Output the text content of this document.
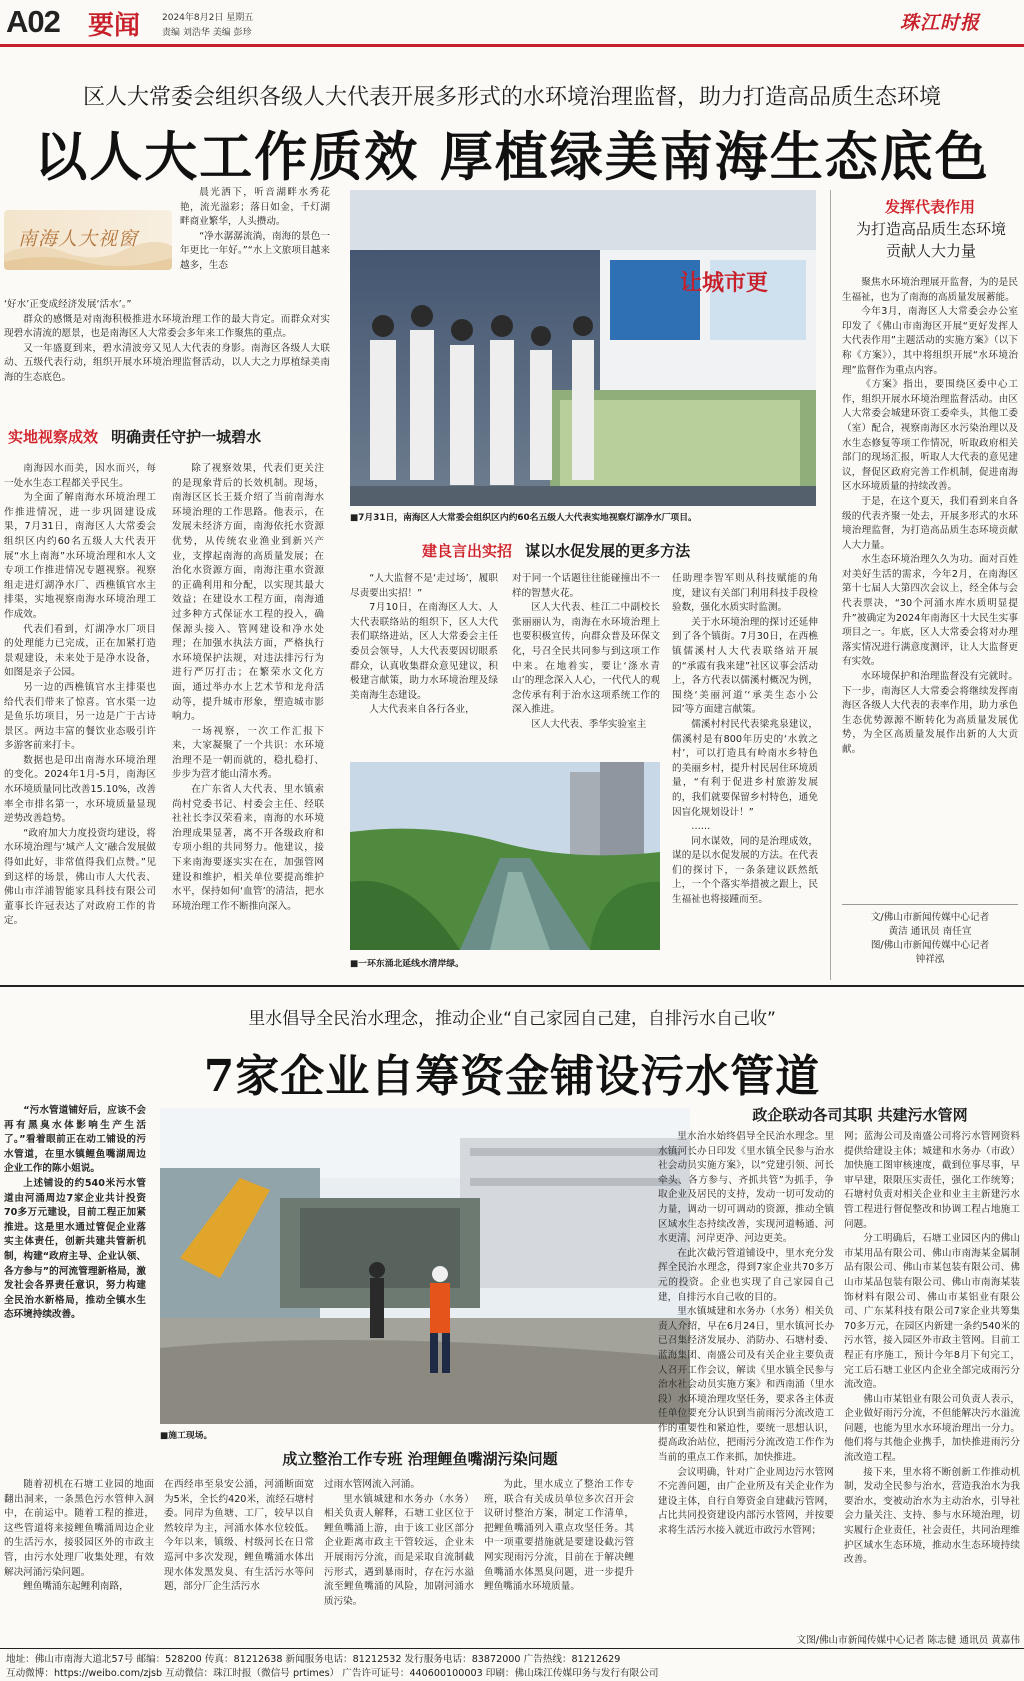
A02 要闻 2024年8月2日 星期五
责编 刘浩华 美编 彭珍	珠江时报
区人大常委会组织各级人大代表开展多形式的水环境治理监督，助力打造高品质生态环境
以人大工作质效 厚植绿美南海生态底色
南海人大视窗

晨光洒下，听音湖畔水秀花艳，流光溢彩；落日如金，千灯湖畔商业繁华，人头攒动。

“净水潺潺流淌，南海的景色一年更比一年好。”“水上文旅项目越来越多，生态

‘好水’正变成经济发展‘活水’。”

群众的感慨是对南海积极推进水环境治理工作的最大肯定。而群众对实现碧水清流的愿景，也是南海区人大常委会多年来工作聚焦的重点。

又一年盛夏到来，碧水清波旁又见人大代表的身影。南海区各级人大联动、五级代表行动，组织开展水环境治理监督活动，以人大之力厚植绿美南海的生态底色。

实地视察成效 明确责任守护一城碧水

南海因水而美，因水而兴，每一处水生态工程都关乎民生。

为全面了解南海水环境治理工作推进情况，进一步巩固建设成果，7月31日，南海区人大常委会组织区内约60名五级人大代表开展“水上南海”水环境治理和水人文专项工作推进情况专题视察。视察组走进灯湖净水厂、西樵镇官水主排渠，实地视察南海水环境治理工作成效。

代表们看到，灯湖净水厂项目的处理能力已完成，正在加紧打造景观建设，未来处于是净水设备，如图是亲子公园。

另一边的西樵镇官水主排渠也给代表们带来了惊喜。官水渠一边是鱼乐坊项目，另一边是广于古诗景区。两边丰富的餐饮业态吸引许多游客前来打卡。

数据也是印出南海水环境治理的变化。2024年1月-5月，南海区水环境质量同比改善15.10%，改善率全市排名第一，水环境质量显现逆势改善趋势。

“政府加大力度投资均建设，将水环境治理与‘城产人文’融合发展做得如此好，非常值得我们点赞。”见到这样的场景，佛山市人大代表、佛山市洋浦智能家具科技有限公司董事长许冠表达了对政府工作的肯定。

除了视察效果，代表们更关注的是现象背后的长效机制。现场，南海区区长王聂介绍了当前南海水环境治理的工作思路。他表示，在发展未经济方面，南海依托水资源优势，从传统农业渔业到新兴产业，支撑起南海的高质量发展；在治化水资源方面，南海注重水资源的正确利用和分配，以实现其最大效益；在建设水工程方面，南海通过多种方式保证水工程的投入，确保源头接入、管网建设和净水处理；在加强水执法方面，严格执行水环境保护法规，对违法排污行为进行严厉打击；在繁荣水文化方面，通过举办水上艺术节和龙舟活动等，提升城市形象，塑造城市影响力。

一场视察，一次工作汇报下来，大家凝聚了一个共识：水环境治理不是一朝而就的，稳扎稳打、步步为营才能山清水秀。

在广东省人大代表、里水镇索尚村党委书记、村委会主任、经联社社长李汉荣看来，南海的水环境治理成果显著，离不开各级政府和专项小组的共同努力。他建议，接下来南海要逐实实在在，加强管网建设和维护，相关单位要提高维护水平，保持如何‘血管’的清洁，把水环境治理工作不断推向深入。

让城市更
■7月31日，南海区人大常委会组织区内约60名五级人大代表实地视察灯湖净水厂项目。
建良言出实招 谋以水促发展的更多方法

“人大监督不是‘走过场’，履职尽责要出实招！”

7月10日，在南海区人大、人大代表联络站的组织下，区人大代表们联络进站，区人大常委会主任委员会领导，人大代表要因切眼系群众，认真收集群众意见建议，积极建言献策，助力水环境治理及绿美南海生态建设。

人大代表来自各行各业，

对于同一个话题往往能碰撞出不一样的智慧火花。

区人大代表、桂江二中副校长张丽丽认为，南海在水环境治理上也要积极宣传，向群众普及环保文化，号召全民共同参与到这项工作中来。在地着实，要让‘涤水青山’的理念深入人心，一代代人的观念传承有利于治水这项系统工作的深入推进。

区人大代表、季华实验室主

任助理李智军则从科技赋能的角度，建议有关部门利用科技手段检验数，强化水质实时监测。

关于水环境治理的探讨还延伸到了各个镇街。7月30日，在西樵镇儒溪村人大代表联络站开展的“承霞有我来建”社区议事会活动上，各方代表以儒溪村概况为例，围绕‘美丽河道’‘承美生态小公园’等方面建言献策。

儒溪村村民代表梁兆泉建议，儒溪村是有800年历史的‘水敦之村’，可以打造具有岭南水乡特色的美丽乡村，提升村民居住环境质量，“有利于促进乡村旅游发展的，我们就要保留乡村特色，通免因盲化规划设计！”

……

同水谋效，同的是治理成效，谋的是以水促发展的方法。在代表们的探讨下，一条条建议跃然纸上，一个个落实举措被之跟上，民生福祉也将接踵而至。

■一环东涌北延线水清岸绿。
发挥代表作用
为打造高品质生态环境贡献人大力量

聚焦水环境治理展开监督，为的是民生福祉，也为了南海的高质量发展蓄能。

今年3月，南海区人大常委会办公室印发了《佛山市南海区开展“更好发挥人大代表作用”主题活动的实施方案》（以下称《方案》），其中将组织开展“水环境治理”监督作为重点内容。

《方案》指出，要围绕区委中心工作，组织开展水环境治理监督活动。由区人大常委会城建环资工委牵头，其他工委（室）配合，视察南海区水污染治理以及水生态修复等项工作情况，听取政府相关部门的现场汇报，听取人大代表的意见建议，督促区政府完善工作机制，促进南海区水环境质量的持续改善。

于是，在这个夏天，我们看到来自各级的代表齐聚一处去，开展多形式的水环境治理监督，为打造高品质生态环境贡献人大力量。

水生态环境治理久久为功。面对百姓对美好生活的需求，今年2月，在南海区第十七届人大第四次会议上，经全体与会代表票决，“30个河涌水库水质明显提升”被确定为2024年南海区十大民生实事项目之一。年底，区人大常委会将对办理落实情况进行满意度测评，让人大监督更有实效。

水环境保护和治理监督没有完就时。下一步，南海区人大常委会将继续发挥南海区各级人大代表的表率作用，助力承色生态优势源源不断转化为高质量发展优势，为全区高质量发展作出新的人大贡献。

文/佛山市新闻传媒中心记者
黄洁 通讯员 南任宣
图/佛山市新闻传媒中心记者
钟祥泓
里水倡导全民治水理念，推动企业“自己家园自己建，自排污水自己收”
7家企业自筹资金铺设污水管道

“污水管道铺好后，应该不会再有黑臭水体影响生产生活了。”看着眼前正在动工铺设的污水管道，在里水镇鲤鱼嘴湖周边企业工作的陈小姐说。

上述铺设的约540米污水管道由河涌周边7家企业共计投资70多万元建设，目前工程正加紧推进。这是里水通过管促企业落实主体责任，创新共建共管新机制，构建“政府主导、企业认领、各方参与”的河流管理新格局，激发社会各界责任意识，努力构建全民治水新格局，推动全镇水生态环境持续改善。

■施工现场。
成立整治工作专班 治理鲤鱼嘴湖污染问题

随着初机在石塘工业园的地面翻出洞来，一条黑色污水管伸入洞中，在前运中。随着工程的推进，这些管道将来接鲤鱼嘴涌周边企业的生活污水，接驳园区外的市政主管，由污水处理厂收集处理，有效解决河涌污染问题。

鲤鱼嘴涌东起鲤利南路，

在西经串至泉安公涌，河涌断面宽为5米，全长约420米，流经石塘村委。同岸为鱼塘、工厂，较早以自然较岸为主，河涌水体水位较低。今年以来，镇级、村级河长在日常巡河中多次发现，鲤鱼嘴涌水体出现水体发黑发臭、有生活污水等问题，部分厂企生活污水

过雨水管网流入河涌。

里水镇城建和水务办（水务）相关负责人解释，石塘工业区位于鲤鱼嘴涌上游，由于该工业区部分企业距离市政主干管较远，企业未开展雨污分流，而是采取自流制截污形式，遇到暴雨时，存在污水溢流至鲤鱼嘴涌的风险，加剧河涌水质污染。

为此，里水成立了整治工作专班，联合有关成员单位多次召开会议研讨整治方案，制定工作清单，把鲤鱼嘴涌列入重点攻坚任务。其中一项重要措施就是要建设截污管网实现雨污分流，目前在于解决鲤鱼嘴涌水体黑臭问题，进一步提升鲤鱼嘴涌水环境质量。

政企联动各司其职 共建污水管网

里水治水始终倡导全民治水理念。里水镇河长办日印发《里水镇全民参与治水社会动员实施方案》，以“党建引领、河长牵头、各方参与、齐抓共管”为抓手，争取企业及居民的支持，发动一切可发动的力量，调动一切可调动的资源，推动全镇区域水生态持续改善，实现河道畅通、河水更清、河岸更净、河边更美。

在此次截污管道铺设中，里水充分发挥全民治水理念，得到7家企业共70多万元的投资。企业也实现了自己家园自己建，自排污水自己收的目的。

里水镇城建和水务办（水务）相关负责人介绍，早在6月24日，里水镇河长办已召集经济发展办、消防办、石塘村委、蓝海集团、南盛公司及有关企业主要负责人召开工作会议，解读《里水镇全民参与治水社会动员实施方案》和西南涌（里水段）水环境治理攻坚任务，要求各主体责任单位要充分认识到当前雨污分流改造工作的重要性和紧迫性，要统一思想认识，提高政治站位，把雨污分流改造工作作为当前的重点工作来抓，加快推进。

会议明确，针对广企业周边污水管网不完善问题，由广企业所及有关企业作为建设主体，自行自筹资金自建截污管网，占比共同投资建设内部污水管网，并按要求将生活污水接入就近市政污水管网；

网；蓝海公司及南盛公司将污水管网资料提供给建设主体；城建和水务办（市政）加快施工图审核速度，截到位事尽事，早审早建，限限压实责任，强化工作统筹；石塘村负责对相关企业和业主主新建污水管工程进行督促整改和协调工程占地施工问题。

分工明确后，石塘工业园区内的佛山市某用品有限公司、佛山市南海某金属制品有限公司、佛山市某包装有限公司、佛山市某品包装有限公司、佛山市南海某装饰材料有限公司、佛山市某铝业有限公司、广东某科技有限公司7家企业共筹集70多万元，在园区内新建一条约540米的污水管，接入园区外市政主管网。目前工程正有序施工，预计今年8月下旬完工，完工后石塘工业区内企业全部完成雨污分流改造。

佛山市某铝业有限公司负责人表示，企业做好雨污分流，不但能解决污水溢流问题，也能为里水水环境治理出一分力。他们将与其他企业携手，加快推进雨污分流改造工程。

接下来，里水将不断创新工作推动机制，发动全民参与治水，营造我治水为我要治水，变被动治水为主动治水，引导社会力量关注、支持、参与水环境治理，切实履行企业责任，社会责任，共同治理维护区域水生态环境，推动水生态环境持续改善。

文图/佛山市新闻传媒中心记者 陈志健 通讯员 黄嘉伟
地址：佛山市南海大道北57号 邮编：528200 传真：81212638 新闻服务电话：81212532 发行服务电话：83872000 广告热线：81212629
互动微博：https://weibo.com/zjsb 互动微信：珠江时报（微信号 prtimes） 广告许可证号：440600100003 印刷：佛山珠江传媒印务与发行有限公司
